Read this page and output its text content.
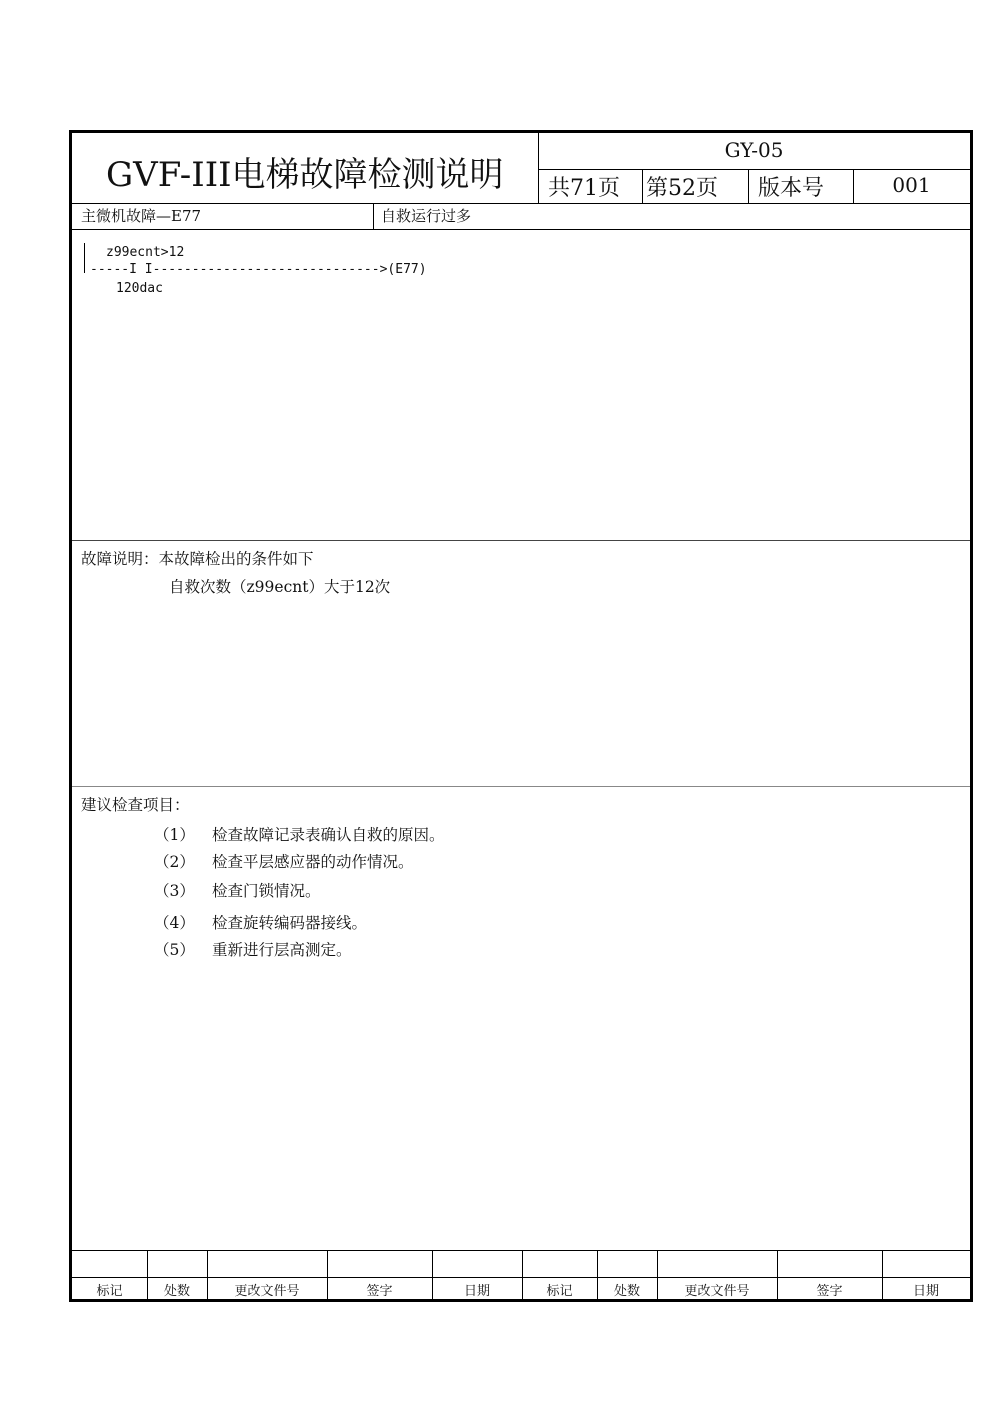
GVF-III电梯故障检测说明
GY-05
共71页 第52页 版本号	001
主微机故障—E77	自救运行过多
z99ecnt>12
-----I I----------------------------->(E77)
120dac
故障说明：本故障检出的条件如下
自救次数（z99ecnt）大于12次
建议检查项目：
（1） 检查故障记录表确认自救的原因。
（2） 检查平层感应器的动作情况。
（3） 检查门锁情况。
（4） 检查旋转编码器接线。
（5） 重新进行层高测定。
标记	处数	更改文件号	签字	日期	标记	处数	更改文件号	签字	日期
